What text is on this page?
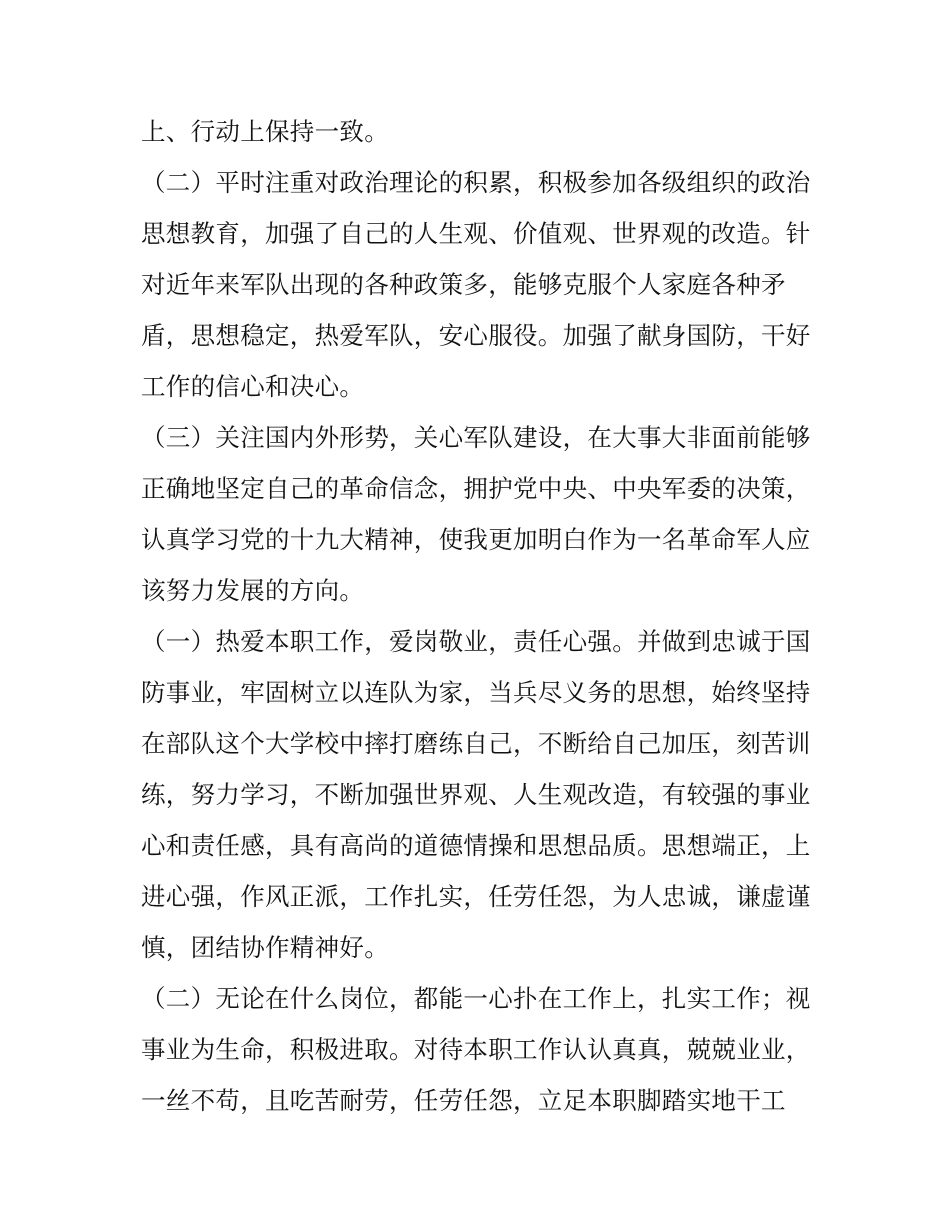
上、行动上保持一致。
（二）平时注重对政治理论的积累，积极参加各级组织的政治
思想教育，加强了自己的人生观、价值观、世界观的改造。针
对近年来军队出现的各种政策多，能够克服个人家庭各种矛
盾，思想稳定，热爱军队，安心服役。加强了献身国防，干好
工作的信心和决心。
（三）关注国内外形势，关心军队建设，在大事大非面前能够
正确地坚定自己的革命信念，拥护党中央、中央军委的决策，
认真学习党的十九大精神，使我更加明白作为一名革命军人应
该努力发展的方向。
（一）热爱本职工作，爱岗敬业，责任心强。并做到忠诚于国
防事业，牢固树立以连队为家，当兵尽义务的思想，始终坚持
在部队这个大学校中摔打磨练自己，不断给自己加压，刻苦训
练，努力学习，不断加强世界观、人生观改造，有较强的事业
心和责任感，具有高尚的道德情操和思想品质。思想端正，上
进心强，作风正派，工作扎实，任劳任怨，为人忠诚，谦虚谨
慎，团结协作精神好。
（二）无论在什么岗位，都能一心扑在工作上，扎实工作；视
事业为生命，积极进取。对待本职工作认认真真，兢兢业业，
一丝不苟，且吃苦耐劳，任劳任怨，立足本职脚踏实地干工
